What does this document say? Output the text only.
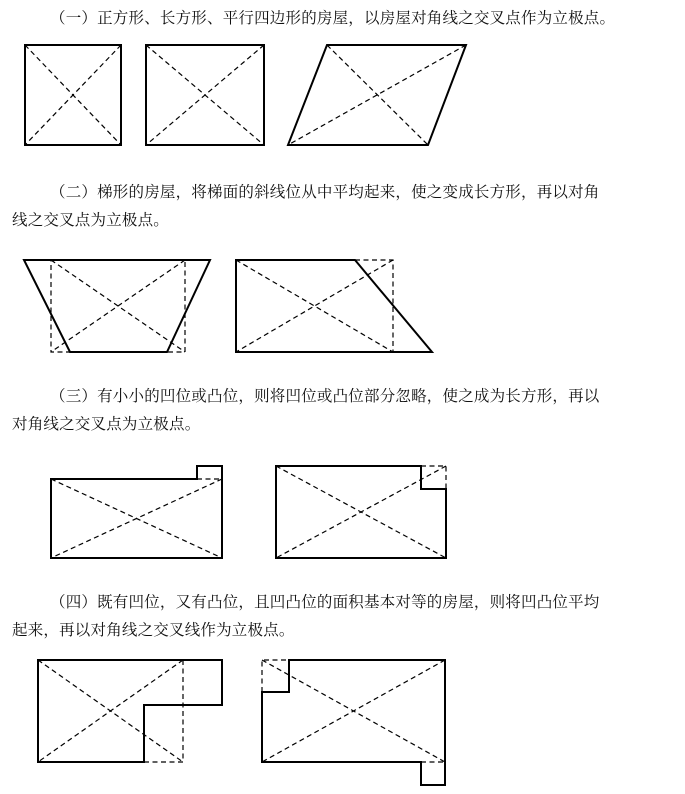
（一）正方形、长方形、平行四边形的房屋，以房屋对角线之交叉点作为立极点。
（二）梯形的房屋，将梯面的斜线位从中平均起来，使之变成长方形，再以对角
线之交叉点为立极点。
（三）有小小的凹位或凸位，则将凹位或凸位部分忽略，使之成为长方形，再以
对角线之交叉点为立极点。
（四）既有凹位，又有凸位，且凹凸位的面积基本对等的房屋，则将凹凸位平均
起来，再以对角线之交叉线作为立极点。
